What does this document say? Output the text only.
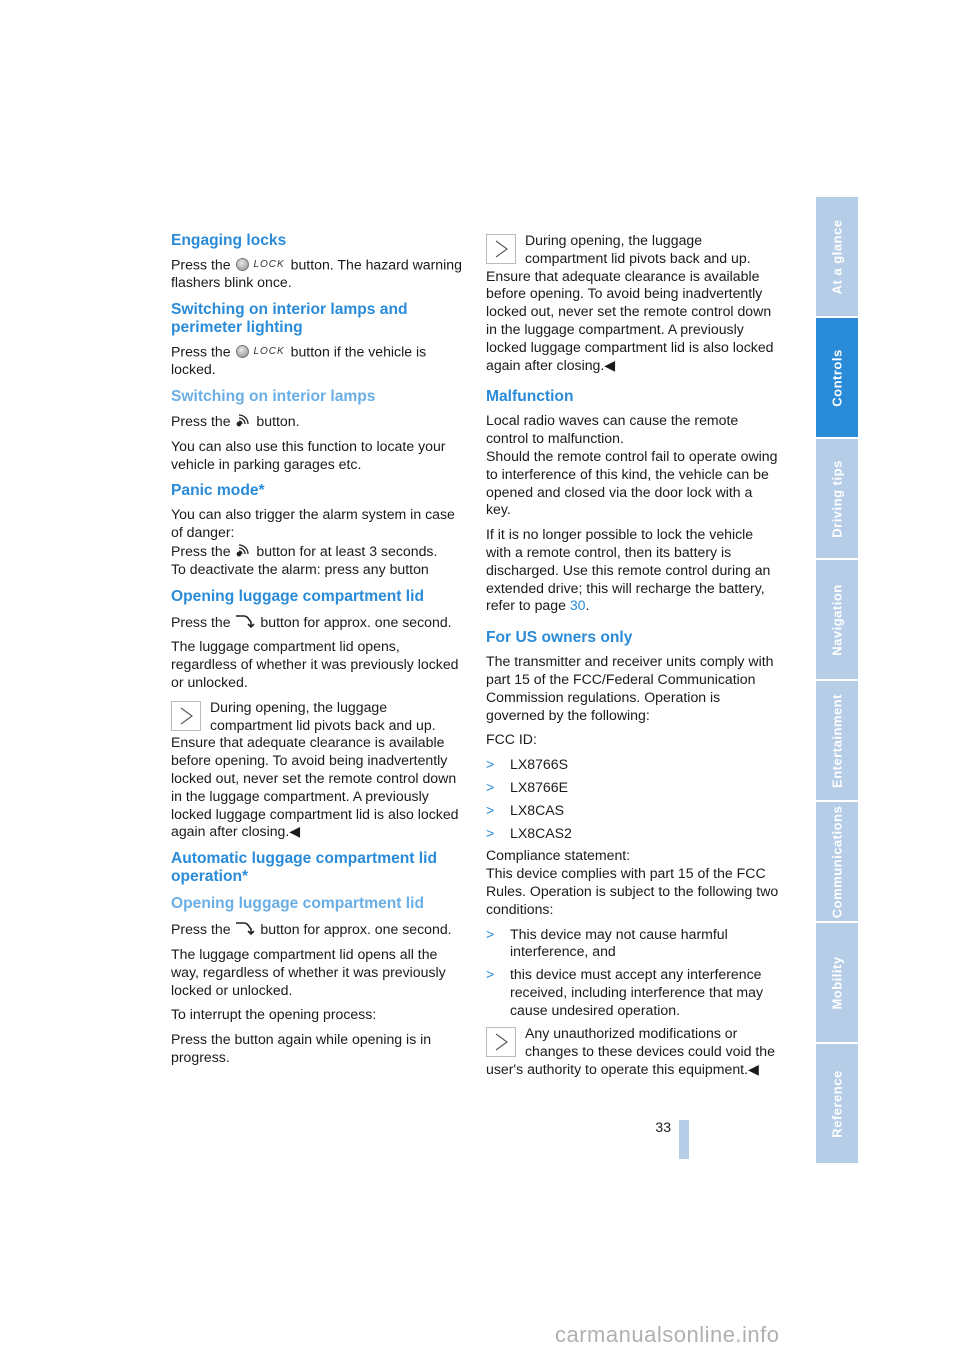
Engaging locks

Press the LOCK button. The hazard warning flashers blink once.

Switching on interior lamps and perimeter lighting

Press the LOCK button if the vehicle is locked.

Switching on interior lamps

Press the button.

You can also use this function to locate your vehicle in parking garages etc.

Panic mode*

You can also trigger the alarm system in case of danger:
Press the button for at least 3 seconds.
To deactivate the alarm: press any button

Opening luggage compartment lid

Press the button for approx. one second.

The luggage compartment lid opens, regardless of whether it was previously locked or unlocked.

During opening, the luggage compartment lid pivots back and up. Ensure that adequate clearance is available before opening. To avoid being inadvertently locked out, never set the remote control down in the luggage compartment. A previously locked luggage compartment lid is also locked again after closing.◀
Automatic luggage compartment lid operation*
Opening luggage compartment lid

Press the button for approx. one second.

The luggage compartment lid opens all the way, regardless of whether it was previously locked or unlocked.

To interrupt the opening process:

Press the button again while opening is in progress.

During opening, the luggage compartment lid pivots back and up. Ensure that adequate clearance is available before opening. To avoid being inadvertently locked out, never set the remote control down in the luggage compartment. A previously locked luggage compartment lid is also locked again after closing.◀
Malfunction

Local radio waves can cause the remote control to malfunction.
Should the remote control fail to operate owing to interference of this kind, the vehicle can be opened and closed via the door lock with a key.

If it is no longer possible to lock the vehicle with a remote control, then its battery is discharged. Use this remote control during an extended drive; this will recharge the battery, refer to page 30.

For US owners only

The transmitter and receiver units comply with part 15 of the FCC/Federal Communication Commission regulations. Operation is governed by the following:

FCC ID:

> LX8766S
> LX8766E
> LX8CAS
> LX8CAS2

Compliance statement:
This device complies with part 15 of the FCC Rules. Operation is subject to the following two conditions:

> This device may not cause harmful interference, and
> this device must accept any interference received, including interference that may cause undesired operation.
Any unauthorized modifications or changes to these devices could void the user's authority to operate this equipment.◀
At a glance
Controls
Driving tips
Navigation
Entertainment
Communications
Mobility
Reference
33
carmanualsonline.info
